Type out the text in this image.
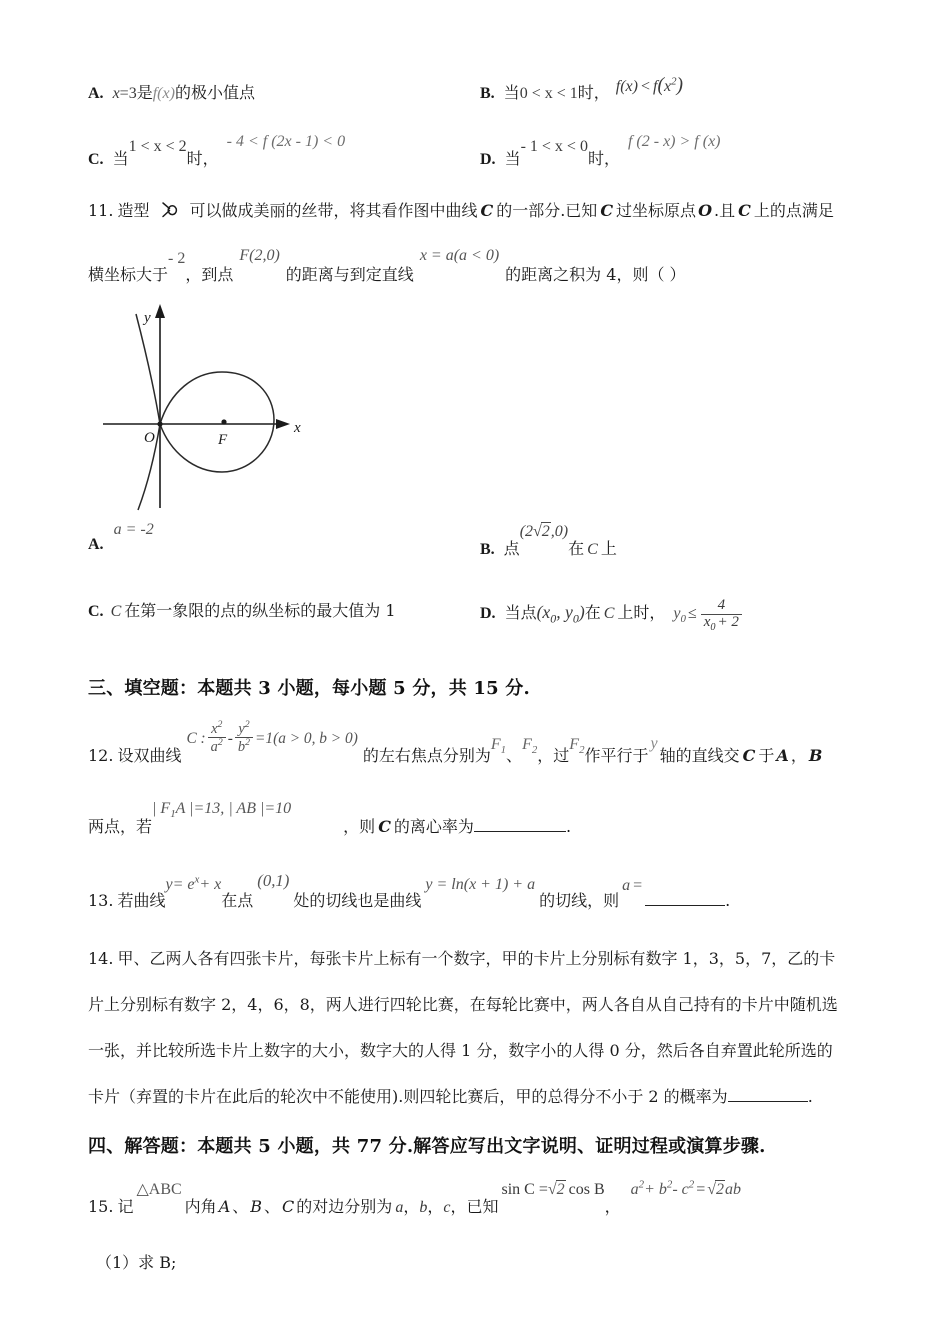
A. x=3是f(x)的极小值点	B. 当0 < x < 1时， $f(x) < f(x^2)$
C. 当1 < x < 2时，- 4 < f (2x - 1) < 0
D. 当- 1 < x < 0时，f (2 - x) > f (x)
11. 造型	可以做成美丽的丝带，将其看作图中曲线 C 的一部分.已知 C 过坐标原点 O .且 C 上的点满足
横坐标大于- 2，到点F(2,0)的距离与到定直线x = a(a < 0)的距离之积为 4，则（ ）
O	F
x
y
A. a = -2
B. 点(2√2,0)在 C 上
C. C 在第一象限的点的纵坐标的最大值为 1	D. 当点($x_0$, $y_0$)在 C 上时， $y_0 \le \frac{4}{x_0 + 2}$
三、填空题：本题共 3 小题，每小题 5 分，共 15 分.
12. 设双曲线C : $\frac{x^2}{a^2} - \frac{y^2}{b^2} =1(a > 0$, b > 0)的左右焦点分别为$F_1$、$F_2$，过$F_2$作平行于y轴的直线交 C 于 A ， B
两点，若| $F_1A$ |=13, | AB |=10，则 C 的离心率为	.
13. 若曲线$y= e^x+ x$在点(0,1)处的切线也是曲线y = ln(x + 1) + a的切线，则a =.
14. 甲、乙两人各有四张卡片，每张卡片上标有一个数字，甲的卡片上分别标有数字 1，3，5，7，乙的卡
片上分别标有数字 2，4，6，8，两人进行四轮比赛，在每轮比赛中，两人各自从自己持有的卡片中随机选
一张，并比较所选卡片上数字的大小，数字大的人得 1 分，数字小的人得 0 分，然后各自弃置此轮所选的
卡片（弃置的卡片在此后的轮次中不能使用).则四轮比赛后，甲的总得分不小于 2 的概率为	.
四、解答题：本题共 5 小题，共 77 分.解答应写出文字说明、证明过程或演算步骤.
15. 记△ABC内角 A 、 B 、 C 的对边分别为 a，b，c，已知sin C =√2 cos B，$a^2+ b^2-$ $c^2 = √2ab$
（1）求 B;
